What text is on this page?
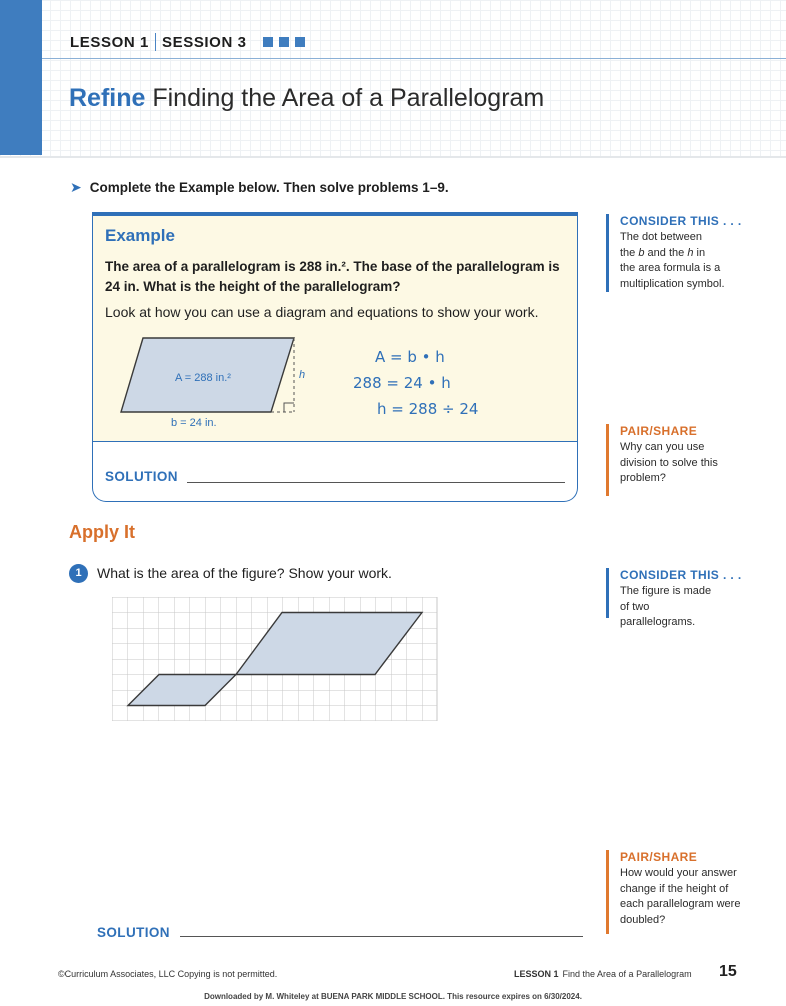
LESSON 1 SESSION 3
Refine Finding the Area of a Parallelogram
➤ Complete the Example below. Then solve problems 1–9.
Example
The area of a parallelogram is 288 in.². The base of the parallelogram is 24 in. What is the height of the parallelogram?
Look at how you can use a diagram and equations to show your work.
A = 288 in.²	h
b = 24 in.
A = b • h
288 = 24 • h
h = 288 ÷ 24
SOLUTION
CONSIDER THIS . . .
The dot between
the b and the h in
the area formula is a
multiplication symbol.
PAIR/SHARE
Why can you use division to solve this problem?
Apply It
1	What is the area of the figure? Show your work.	CONSIDER THIS . . .
The figure is made of two parallelograms.
PAIR/SHARE
How would your answer change if the height of each parallelogram were doubled?
SOLUTION
©Curriculum Associates, LLC Copying is not permitted.	LESSON 1 Find the Area of a Parallelogram 15
Downloaded by M. Whiteley at BUENA PARK MIDDLE SCHOOL. This resource expires on 6/30/2024.
